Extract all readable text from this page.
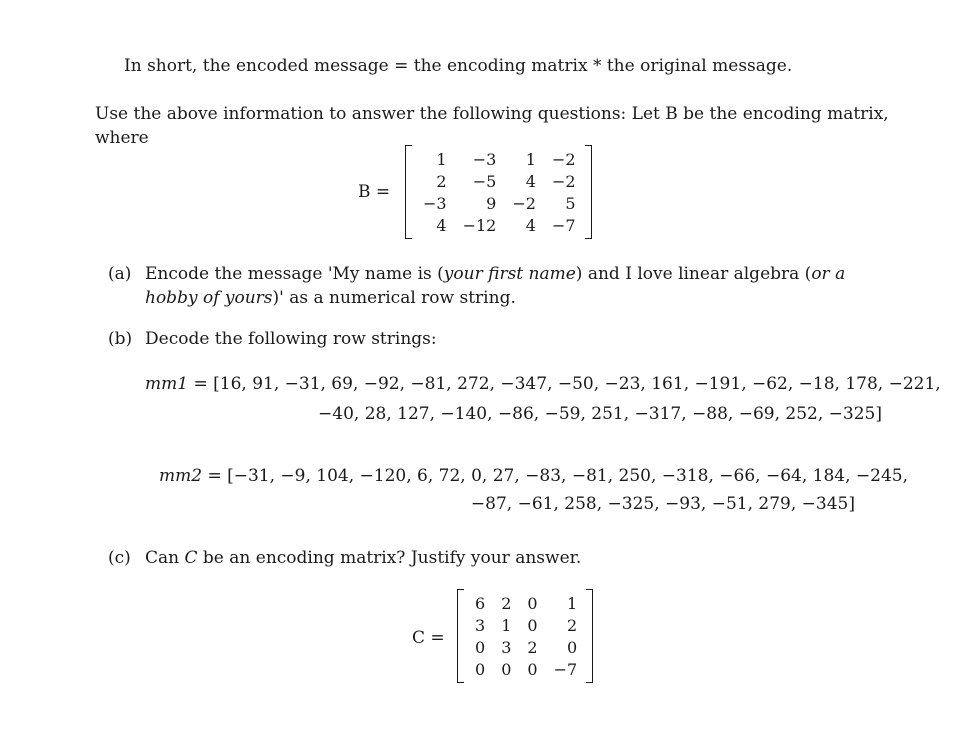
In short, the encoded message = the encoding matrix * the original message.
Use the above information to answer the following questions: Let B be the encoding matrix,
where
B =
1	−3	1	−2
2	−5	4	−2
−3	9	−2	5
4	−12	4	−7
(a) Encode the message 'My name is (your first name) and I love linear algebra (or a
hobby of yours)' as a numerical row string.
(b) Decode the following row strings:
mm1 = [16, 91, −31, 69, −92, −81, 272, −347, −50, −23, 161, −191, −62, −18, 178, −221,
−40, 28, 127, −140, −86, −59, 251, −317, −88, −69, 252, −325]
mm2 = [−31, −9, 104, −120, 6, 72, 0, 27, −83, −81, 250, −318, −66, −64, 184, −245,
−87, −61, 258, −325, −93, −51, 279, −345]
(c) Can C be an encoding matrix? Justify your answer.
C =
6	2	0	1
3	1	0	2
0	3	2	0
0	0	0	−7
